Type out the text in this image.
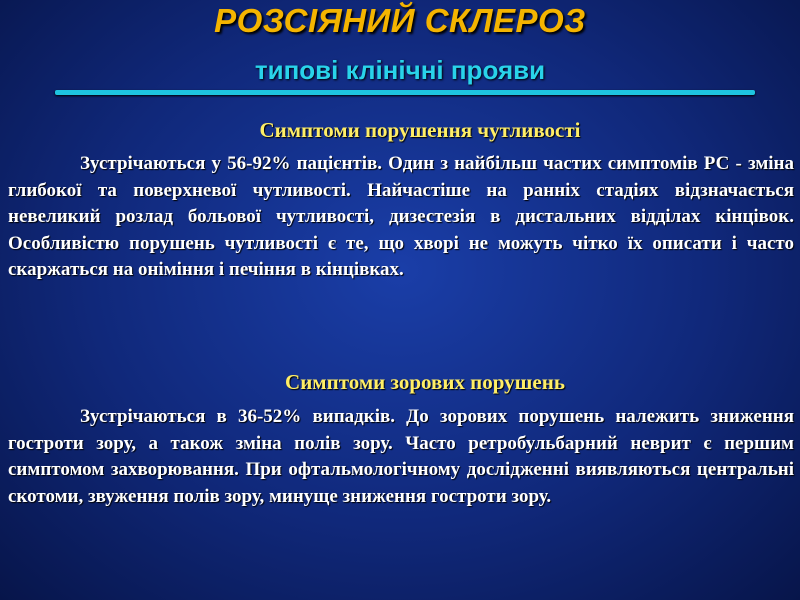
РОЗСІЯНИЙ СКЛЕРОЗ
типові клінічні прояви
Симптоми порушення чутливості

Зустрічаються у 56-92% пацієнтів. Один з найбільш частих симптомів РС - зміна глибокої та поверхневої чутливості. Найчастіше на ранніх стадіях відзначається невеликий розлад больової чутливості, дизестезія в дистальних відділах кінцівок. Особливістю порушень чутливості є те, що хворі не можуть чітко їх описати і часто скаржаться на оніміння і печіння в кінцівках.

Симптоми зорових порушень

Зустрічаються в 36-52% випадків. До зорових порушень належить зниження гостроти зору, а також зміна полів зору. Часто ретробульбарний неврит є першим симптомом захворювання. При офтальмологічному дослідженні виявляються центральні скотоми, звуження полів зору, минуще зниження гостроти зору.
